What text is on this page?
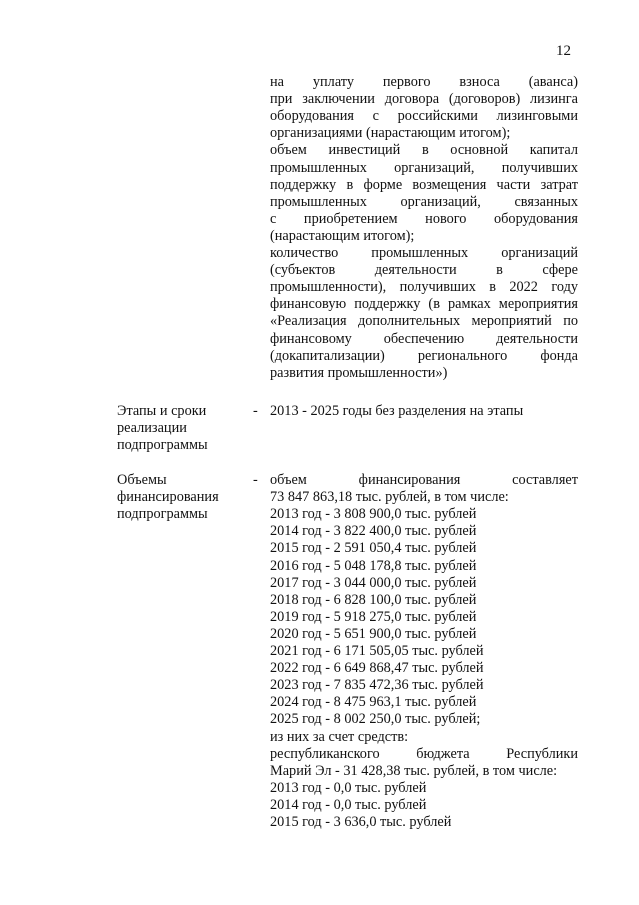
12
на уплату первого взноса (аванса)
при заключении договора (договоров) лизинга
оборудования с российскими лизинговыми
организациями (нарастающим итогом);
объем инвестиций в основной капитал
промышленных организаций, получивших
поддержку в форме возмещения части затрат
промышленных организаций, связанных
с приобретением нового оборудования
(нарастающим итогом);
количество промышленных организаций
(субъектов деятельности в сфере
промышленности), получивших в 2022 году
финансовую поддержку (в рамках мероприятия
«Реализация дополнительных мероприятий по
финансовому обеспечению деятельности
(докапитализации) регионального фонда
развития промышленности»)
Этапы и сроки
реализации
подпрограммы
- 2013 - 2025 годы без разделения на этапы
Объемы
финансирования
подпрограммы
- объем финансирования составляет
73 847 863,18 тыс. рублей, в том числе:
2013 год - 3 808 900,0 тыс. рублей
2014 год - 3 822 400,0 тыс. рублей
2015 год - 2 591 050,4 тыс. рублей
2016 год - 5 048 178,8 тыс. рублей
2017 год - 3 044 000,0 тыс. рублей
2018 год - 6 828 100,0 тыс. рублей
2019 год - 5 918 275,0 тыс. рублей
2020 год - 5 651 900,0 тыс. рублей
2021 год - 6 171 505,05 тыс. рублей
2022 год - 6 649 868,47 тыс. рублей
2023 год - 7 835 472,36 тыс. рублей
2024 год - 8 475 963,1 тыс. рублей
2025 год - 8 002 250,0 тыс. рублей;
из них за счет средств:
республиканского бюджета Республики
Марий Эл - 31 428,38 тыс. рублей, в том числе:
2013 год - 0,0 тыс. рублей
2014 год - 0,0 тыс. рублей
2015 год - 3 636,0 тыс. рублей
